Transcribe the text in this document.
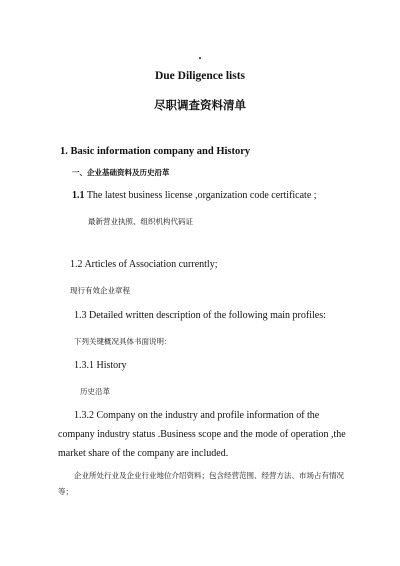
.
Due Diligence lists
尽职调查资料清单
1. Basic information company and History
一、企业基础资料及历史沿革
1.1 The latest business license ,organization code certificate ;
最新营业执照、组织机构代码证
1.2 Articles of Association currently;
现行有效企业章程
1.3 Detailed written description of the following main profiles:
下列关键概况具体书面说明：
1.3.1 History
历史沿革
1.3.2 Company on the industry and profile information of the company industry status .Business scope and the mode of operation ,the market share of the company are included.
企业所处行业及企业行业地位介绍资料；包含经营范围、经营方法、市场占有情况等；
